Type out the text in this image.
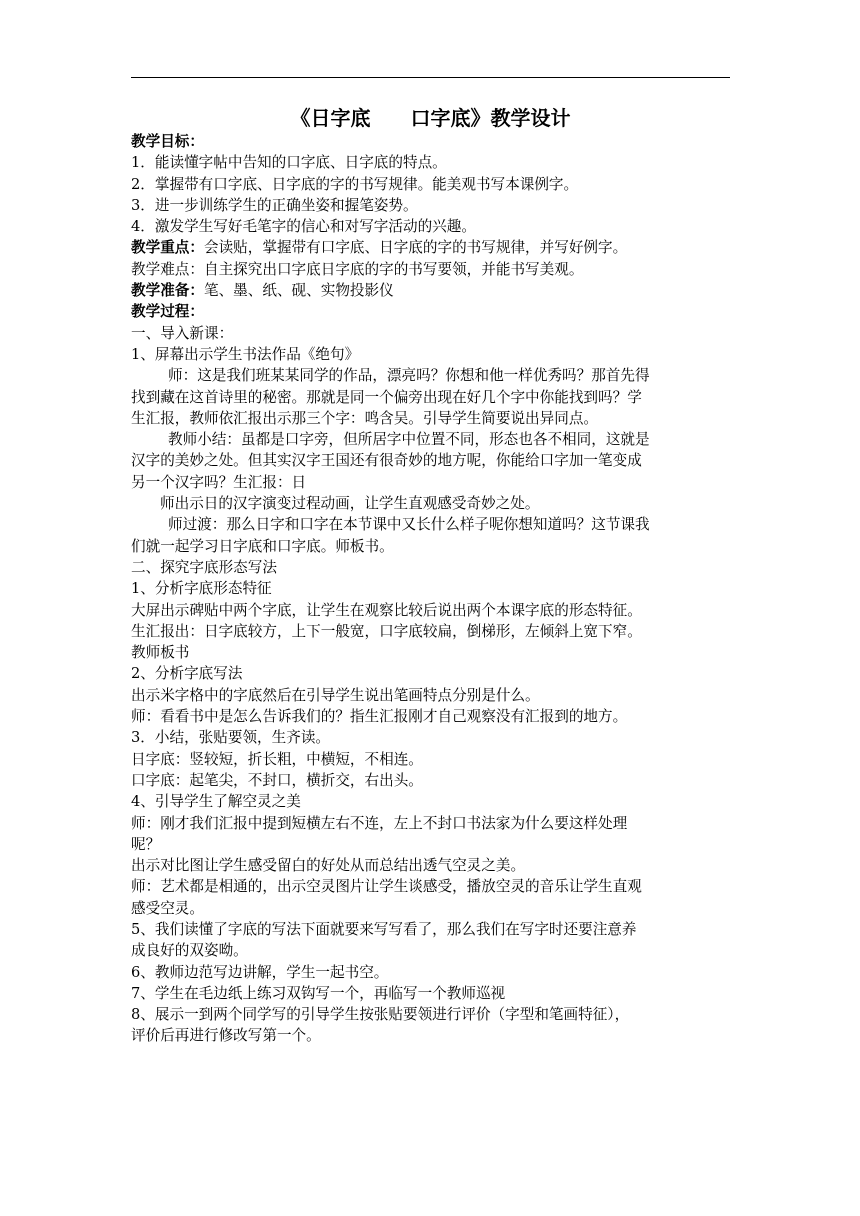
《日字底　　口字底》教学设计
教学目标：
1．能读懂字帖中告知的口字底、日字底的特点。
2．掌握带有口字底、日字底的字的书写规律。能美观书写本课例字。
3．进一步训练学生的正确坐姿和握笔姿势。
4．激发学生写好毛笔字的信心和对写字活动的兴趣。
教学重点：会读贴，掌握带有口字底、日字底的字的书写规律，并写好例字。
教学难点：自主探究出口字底日字底的字的书写要领，并能书写美观。
教学准备：笔、墨、纸、砚、实物投影仪
教学过程：
一、导入新课：
1、屏幕出示学生书法作品《绝句》
师：这是我们班某某同学的作品，漂亮吗？你想和他一样优秀吗？那首先得
找到藏在这首诗里的秘密。那就是同一个偏旁出现在好几个字中你能找到吗？学
生汇报，教师依汇报出示那三个字：鸣含吴。引导学生简要说出异同点。
教师小结：虽都是口字旁，但所居字中位置不同，形态也各不相同，这就是
汉字的美妙之处。但其实汉字王国还有很奇妙的地方呢，你能给口字加一笔变成
另一个汉字吗？生汇报：日
师出示日的汉字演变过程动画，让学生直观感受奇妙之处。
师过渡：那么日字和口字在本节课中又长什么样子呢你想知道吗？这节课我
们就一起学习日字底和口字底。师板书。
二、探究字底形态写法
1、分析字底形态特征
大屏出示碑贴中两个字底，让学生在观察比较后说出两个本课字底的形态特征。
生汇报出：日字底较方，上下一般宽，口字底较扁，倒梯形，左倾斜上宽下窄。
教师板书
2、分析字底写法
出示米字格中的字底然后在引导学生说出笔画特点分别是什么。
师：看看书中是怎么告诉我们的？指生汇报刚才自己观察没有汇报到的地方。
3．小结，张贴要领，生齐读。
日字底：竖较短，折长粗，中横短，不相连。
口字底：起笔尖，不封口，横折交，右出头。
4、引导学生了解空灵之美
师：刚才我们汇报中提到短横左右不连，左上不封口书法家为什么要这样处理
呢？
出示对比图让学生感受留白的好处从而总结出透气空灵之美。
师：艺术都是相通的，出示空灵图片让学生谈感受，播放空灵的音乐让学生直观
感受空灵。
5、我们读懂了字底的写法下面就要来写写看了，那么我们在写字时还要注意养
成良好的双姿呦。
6、教师边范写边讲解，学生一起书空。
7、学生在毛边纸上练习双钩写一个，再临写一个教师巡视
8、展示一到两个同学写的引导学生按张贴要领进行评价（字型和笔画特征），
评价后再进行修改写第一个。
